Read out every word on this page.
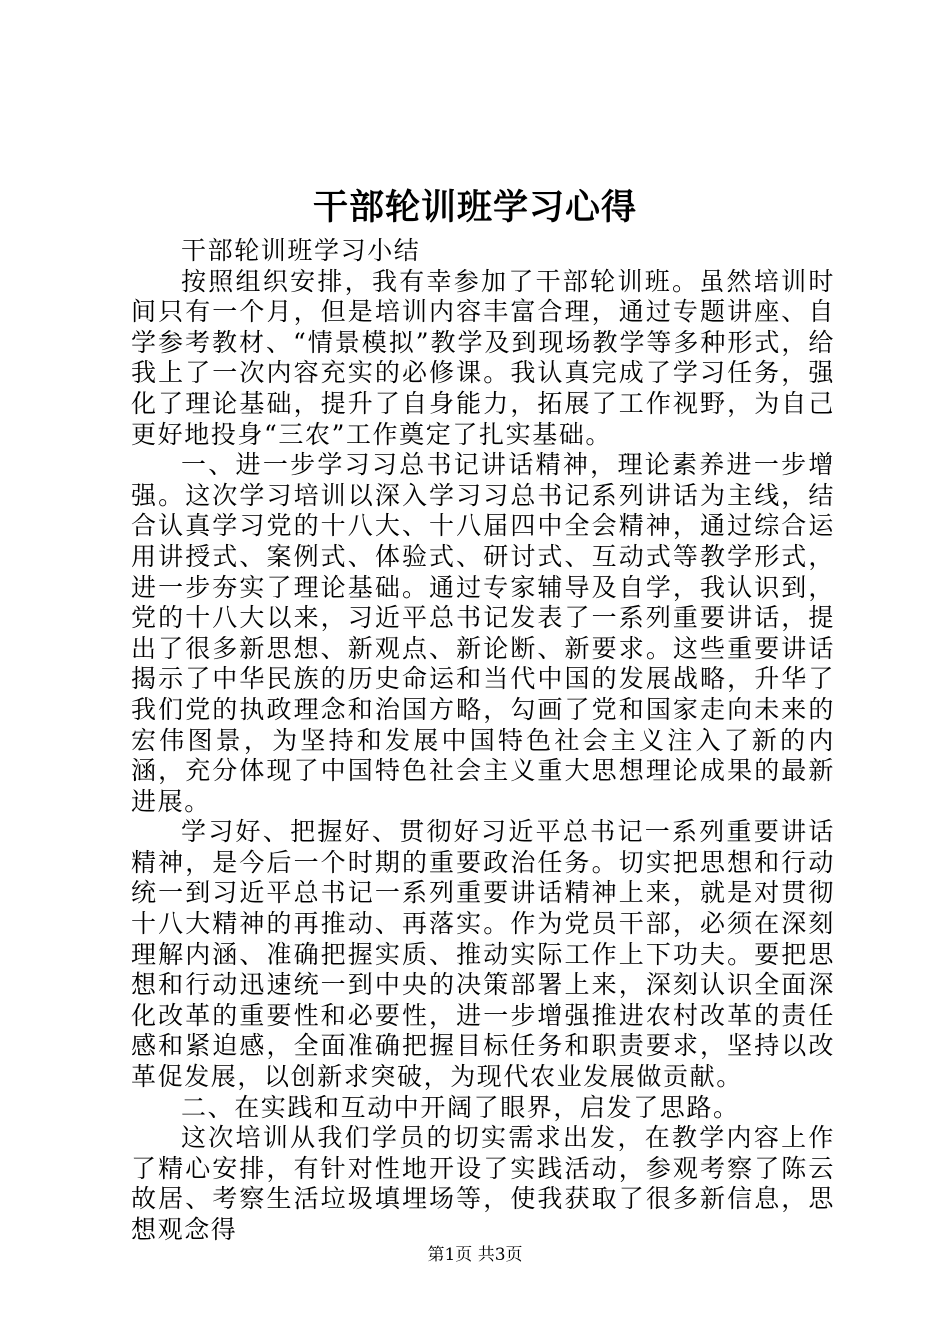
干部轮训班学习心得

干部轮训班学习小结

按照组织安排，我有幸参加了干部轮训班。虽然培训时间只有一个月，但是培训内容丰富合理，通过专题讲座、自学参考教材、“情景模拟”教学及到现场教学等多种形式，给我上了一次内容充实的必修课。我认真完成了学习任务，强化了理论基础，提升了自身能力，拓展了工作视野，为自己更好地投身“三农”工作奠定了扎实基础。

一、进一步学习习总书记讲话精神，理论素养进一步增强。这次学习培训以深入学习习总书记系列讲话为主线，结合认真学习党的十八大、十八届四中全会精神，通过综合运用讲授式、案例式、体验式、研讨式、互动式等教学形式，进一步夯实了理论基础。通过专家辅导及自学，我认识到，党的十八大以来，习近平总书记发表了一系列重要讲话，提出了很多新思想、新观点、新论断、新要求。这些重要讲话揭示了中华民族的历史命运和当代中国的发展战略，升华了我们党的执政理念和治国方略，勾画了党和国家走向未来的宏伟图景，为坚持和发展中国特色社会主义注入了新的内涵，充分体现了中国特色社会主义重大思想理论成果的最新进展。

学习好、把握好、贯彻好习近平总书记一系列重要讲话精神，是今后一个时期的重要政治任务。切实把思想和行动统一到习近平总书记一系列重要讲话精神上来，就是对贯彻十八大精神的再推动、再落实。作为党员干部，必须在深刻理解内涵、准确把握实质、推动实际工作上下功夫。要把思想和行动迅速统一到中央的决策部署上来，深刻认识全面深化改革的重要性和必要性，进一步增强推进农村改革的责任感和紧迫感，全面准确把握目标任务和职责要求，坚持以改革促发展，以创新求突破，为现代农业发展做贡献。

二、在实践和互动中开阔了眼界，启发了思路。

这次培训从我们学员的切实需求出发，在教学内容上作了精心安排，有针对性地开设了实践活动，参观考察了陈云故居、考察生活垃圾填埋场等，使我获取了很多新信息，思想观念得

第1页 共3页
